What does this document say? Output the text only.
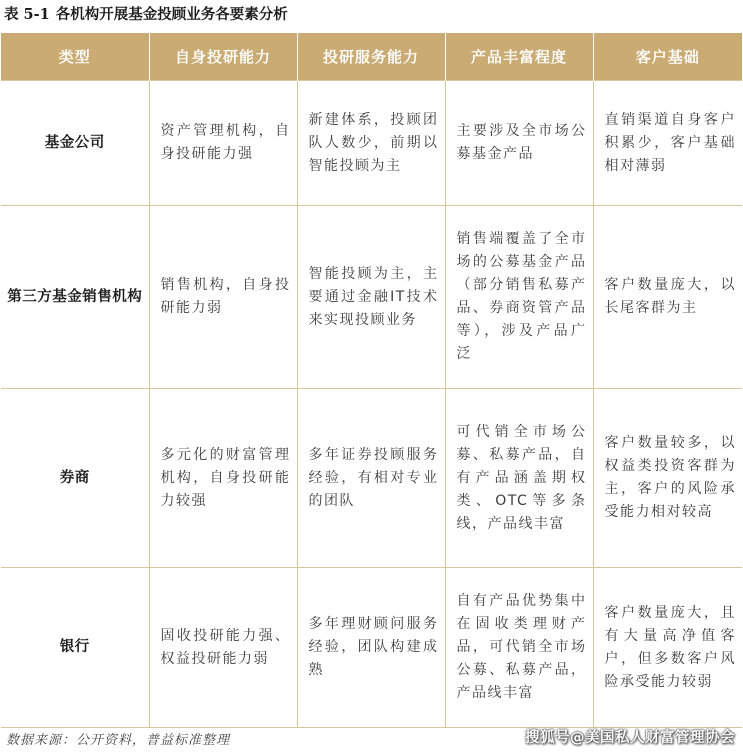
表 5-1 各机构开展基金投顾业务各要素分析
类型	自身投研能力	投研服务能力	产品丰富程度	客户基础
基金公司	资产管理机构，自身投研能力强	新建体系，投顾团队人数少，前期以智能投顾为主	主要涉及全市场公募基金产品	直销渠道自身客户积累少，客户基础相对薄弱
第三方基金销售机构	销售机构，自身投研能力弱	智能投顾为主，主要通过金融IT技术来实现投顾业务	销售端覆盖了全市场的公募基金产品（部分销售私募产品、券商资管产品等），涉及产品广泛	客户数量庞大，以长尾客群为主
券商	多元化的财富管理机构，自身投研能力较强	多年证券投顾服务经验，有相对专业的团队	可代销全市场公募、私募产品，自有产品涵盖期权类、OTC等多条线，产品线丰富	客户数量较多，以权益类投资客群为主，客户的风险承受能力相对较高
银行	固收投研能力强、权益投研能力弱	多年理财顾问服务经验，团队构建成熟	自有产品优势集中在固收类理财产品，可代销全市场公募、私募产品，产品线丰富	客户数量庞大，且有大量高净值客户，但多数客户风险承受能力较弱
数据来源：公开资料，普益标准整理	搜狐号@美国私人财富管理协会
